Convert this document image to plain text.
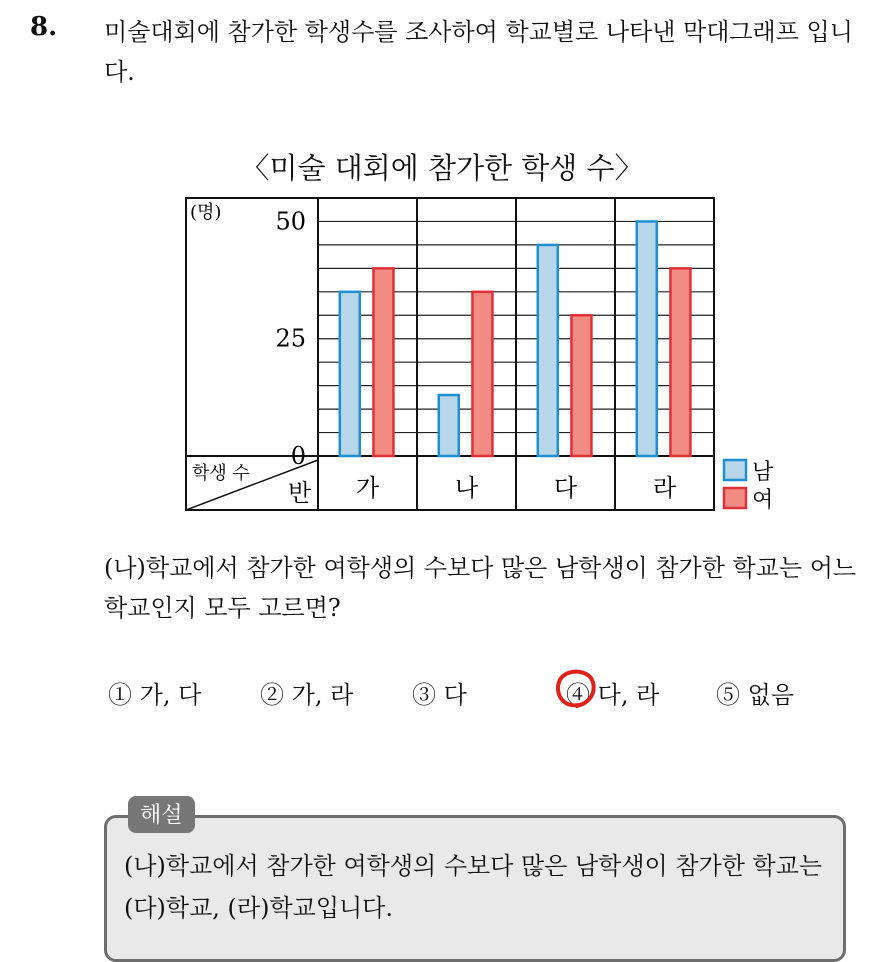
8. 미술대회에 참가한 학생수를 조사하여 학교별로 나타낸 막대그래프 입니다.
〈미술 대회에 참가한 학생 수〉
(명)
0
25
50
학생 수
반 가	나	다	라
남
여
(나)학교에서 참가한 여학생의 수보다 많은 남학생이 참가한 학교는 어느 학교인지 모두 고르면?
① 가, 다 ② 가, 라 ③ 다	④ 다, 라 ⑤ 없음
해설
(나)학교에서 참가한 여학생의 수보다 많은 남학생이 참가한 학교는 (다)학교, (라)학교입니다.
